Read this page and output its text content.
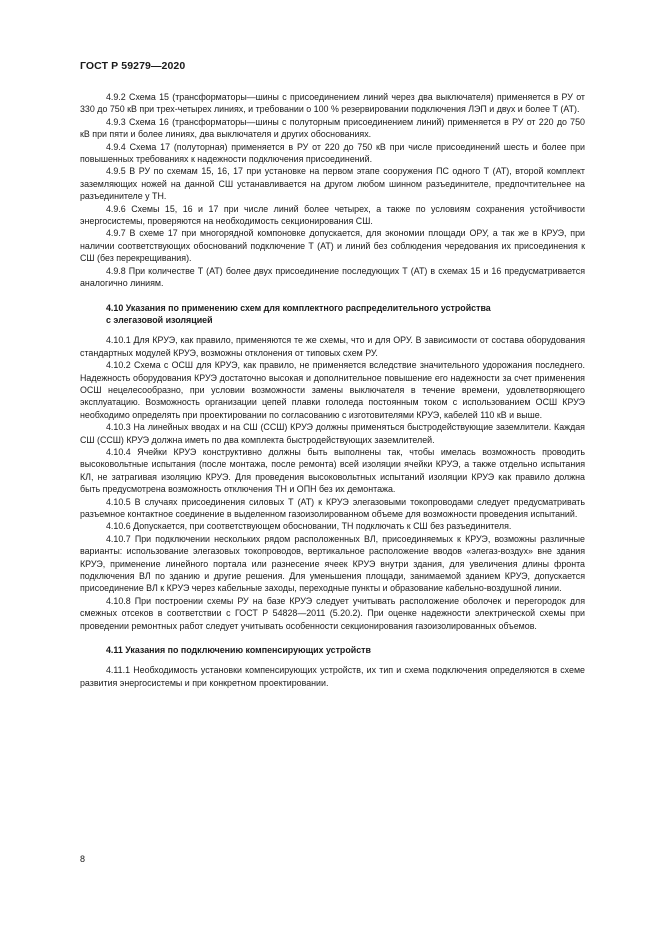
ГОСТ Р 59279—2020

4.9.2 Схема 15 (трансформаторы—шины с присоединением линий через два выключателя) применяется в РУ от 330 до 750 кВ при трех-четырех линиях, и требовании о 100 % резервировании подключения ЛЭП и двух и более Т (АТ).

4.9.3 Схема 16 (трансформаторы—шины с полуторным присоединением линий) применяется в РУ от 220 до 750 кВ при пяти и более линиях, два выключателя и других обоснованиях.

4.9.4 Схема 17 (полуторная) применяется в РУ от 220 до 750 кВ при числе присоединений шесть и более при повышенных требованиях к надежности подключения присоединений.

4.9.5 В РУ по схемам 15, 16, 17 при установке на первом этапе сооружения ПС одного Т (АТ), второй комплект заземляющих ножей на данной СШ устанавливается на другом любом шинном разъединителе, предпочтительнее на разъединителе у ТН.

4.9.6 Схемы 15, 16 и 17 при числе линий более четырех, а также по условиям сохранения устойчивости энергосистемы, проверяются на необходимость секционирования СШ.

4.9.7 В схеме 17 при многорядной компоновке допускается, для экономии площади ОРУ, а так же в КРУЭ, при наличии соответствующих обоснований подключение Т (АТ) и линий без соблюдения чередования их присоединения к СШ (без перекрещивания).

4.9.8 При количестве Т (АТ) более двух присоединение последующих Т (АТ) в схемах 15 и 16 предусматривается аналогично линиям.

4.10 Указания по применению схем для комплектного распределительного устройства

с элегазовой изоляцией

4.10.1 Для КРУЭ, как правило, применяются те же схемы, что и для ОРУ. В зависимости от состава оборудования стандартных модулей КРУЭ, возможны отклонения от типовых схем РУ.

4.10.2 Схема с ОСШ для КРУЭ, как правило, не применяется вследствие значительного удорожания последнего. Надежность оборудования КРУЭ достаточно высокая и дополнительное повышение его надежности за счет применения ОСШ нецелесообразно, при условии возможности замены выключателя в течение времени, удовлетворяющего эксплуатацию. Возможность организации цепей плавки гололеда постоянным током с использованием ОСШ КРУЭ необходимо определять при проектировании по согласованию с изготовителями КРУЭ, кабелей 110 кВ и выше.

4.10.3 На линейных вводах и на СШ (СCШ) КРУЭ должны применяться быстродействующие заземлители. Каждая СШ (СCШ) КРУЭ должна иметь по два комплекта быстродействующих заземлителей.

4.10.4 Ячейки КРУЭ конструктивно должны быть выполнены так, чтобы имелась возможность проводить высоковольтные испытания (после монтажа, после ремонта) всей изоляции ячейки КРУЭ, а также отдельно испытания КЛ, не затрагивая изоляцию КРУЭ. Для проведения высоковольтных испытаний изоляции КРУЭ как правило должна быть предусмотрена возможность отключения ТН и ОПН без их демонтажа.

4.10.5 В случаях присоединения силовых Т (АТ) к КРУЭ элегазовыми токопроводами следует предусматривать разъемное контактное соединение в выделенном газоизолированном объеме для возможности проведения испытаний.

4.10.6 Допускается, при соответствующем обосновании, ТН подключать к СШ без разъединителя.

4.10.7 При подключении нескольких рядом расположенных ВЛ, присоединяемых к КРУЭ, возможны различные варианты: использование элегазовых токопроводов, вертикальное расположение вводов «элегаз-воздух» вне здания КРУЭ, применение линейного портала или разнесение ячеек КРУЭ внутри здания, для увеличения длины фронта подключения ВЛ по зданию и другие решения. Для уменьшения площади, занимаемой зданием КРУЭ, допускается присоединение ВЛ к КРУЭ через кабельные заходы, переходные пункты и образование кабельно-воздушной линии.

4.10.8 При построении схемы РУ на базе КРУЭ следует учитывать расположение оболочек и перегородок для смежных отсеков в соответствии с ГОСТ Р 54828—2011 (5.20.2). При оценке надежности электрической схемы при проведении ремонтных работ следует учитывать особенности секционирования газоизолированных объемов.

4.11 Указания по подключению компенсирующих устройств

4.11.1 Необходимость установки компенсирующих устройств, их тип и схема подключения определяются в схеме развития энергосистемы и при конкретном проектировании.

8
